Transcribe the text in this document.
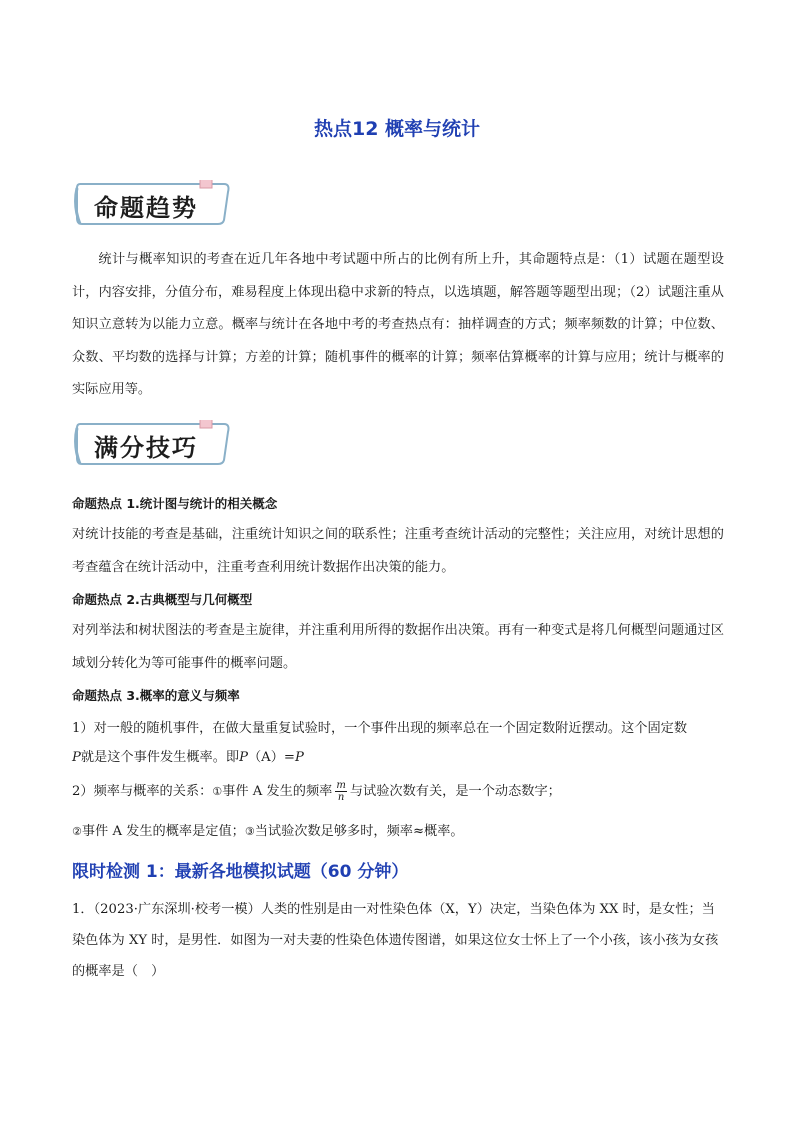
热点12 概率与统计
命题趋势
统计与概率知识的考查在近几年各地中考试题中所占的比例有所上升，其命题特点是：（1）试题在题型设计，内容安排，分值分布，难易程度上体现出稳中求新的特点，以选填题，解答题等题型出现；（2）试题注重从知识立意转为以能力立意。概率与统计在各地中考的考查热点有：抽样调查的方式；频率频数的计算；中位数、众数、平均数的选择与计算；方差的计算；随机事件的概率的计算；频率估算概率的计算与应用；统计与概率的实际应用等。
满分技巧
命题热点 1.统计图与统计的相关概念
对统计技能的考查是基础，注重统计知识之间的联系性；注重考查统计活动的完整性；关注应用，对统计思想的考查蕴含在统计活动中，注重考查利用统计数据作出决策的能力。
命题热点 2.古典概型与几何概型
对列举法和树状图法的考查是主旋律，并注重利用所得的数据作出决策。再有一种变式是将几何概型问题通过区域划分转化为等可能事件的概率问题。
命题热点 3.概率的意义与频率
1）对一般的随机事件，在做大量重复试验时，一个事件出现的频率总在一个固定数附近摆动。这个固定数
P就是这个事件发生概率。即P（A）=P
2）频率与概率的关系：①事件 A 发生的频率 $\frac{m}{n}$ 与试验次数有关，是一个动态数字；
②事件 A 发生的概率是定值；③当试验次数足够多时，频率≈概率。
限时检测 1：最新各地模拟试题（60 分钟）
1．（2023·广东深圳·校考一模）人类的性别是由一对性染色体（X，Y）决定，当染色体为 XX 时，是女性；当染色体为 XY 时，是男性．如图为一对夫妻的性染色体遗传图谱，如果这位女士怀上了一个小孩，该小孩为女孩的概率是（　）
